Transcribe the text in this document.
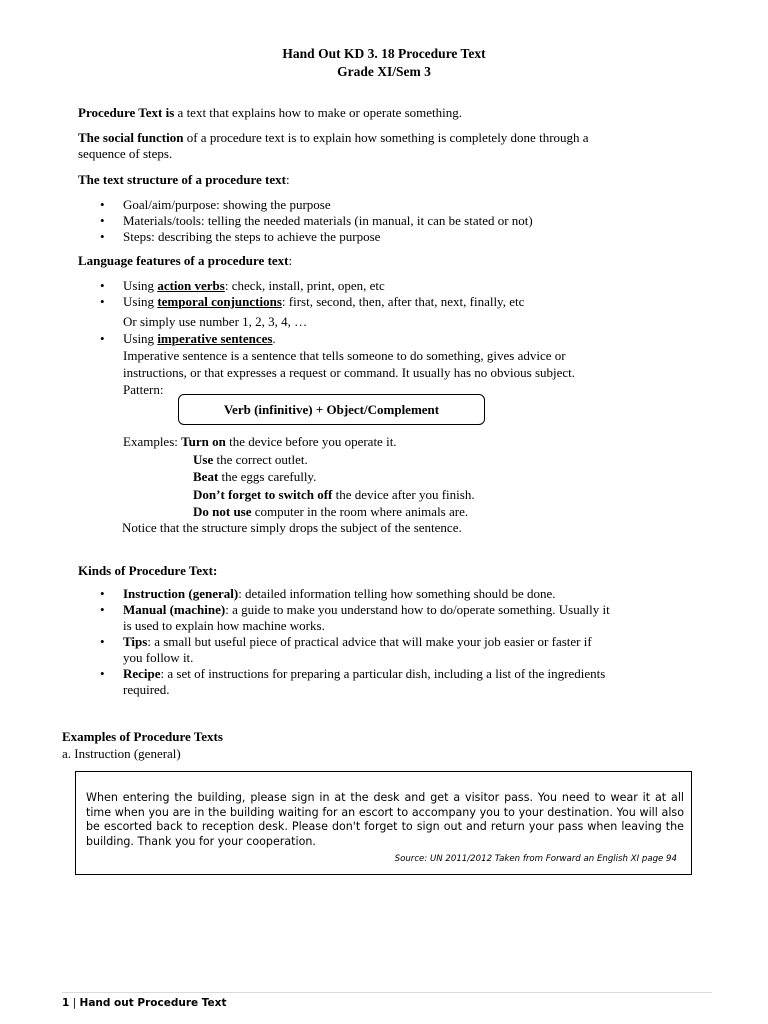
Hand Out KD 3. 18 Procedure Text
Grade XI/Sem 3
Procedure Text is a text that explains how to make or operate something.
The social function of a procedure text is to explain how something is completely done through a
sequence of steps.
The text structure of a procedure text:
• Goal/aim/purpose: showing the purpose
• Materials/tools: telling the needed materials (in manual, it can be stated or not)
• Steps: describing the steps to achieve the purpose
Language features of a procedure text:
• Using action verbs: check, install, print, open, etc
• Using temporal conjunctions: first, second, then, after that, next, finally, etc
Or simply use number 1, 2, 3, 4, …
• Using imperative sentences.
Imperative sentence is a sentence that tells someone to do something, gives advice or
instructions, or that expresses a request or command. It usually has no obvious subject.
Pattern:
Verb (infinitive) + Object/Complement
Examples: Turn on the device before you operate it.
Use the correct outlet.
Beat the eggs carefully.
Don’t forget to switch off the device after you finish.
Do not use computer in the room where animals are.
Notice that the structure simply drops the subject of the sentence.
Kinds of Procedure Text:
• Instruction (general): detailed information telling how something should be done.
• Manual (machine): a guide to make you understand how to do/operate something. Usually it
is used to explain how machine works.
• Tips: a small but useful piece of practical advice that will make your job easier or faster if
you follow it.
• Recipe: a set of instructions for preparing a particular dish, including a list of the ingredients
required.
Examples of Procedure Texts
a. Instruction (general)
When entering the building, please sign in at the desk and get a visitor pass. You need to wear it at all time when you are in the building waiting for an escort to accompany you to your destination. You will also be escorted back to reception desk. Please don't forget to sign out and return your pass when leaving the building. Thank you for your cooperation.
Source: UN 2011/2012 Taken from Forward an English XI page 94
1 | Hand out Procedure Text
